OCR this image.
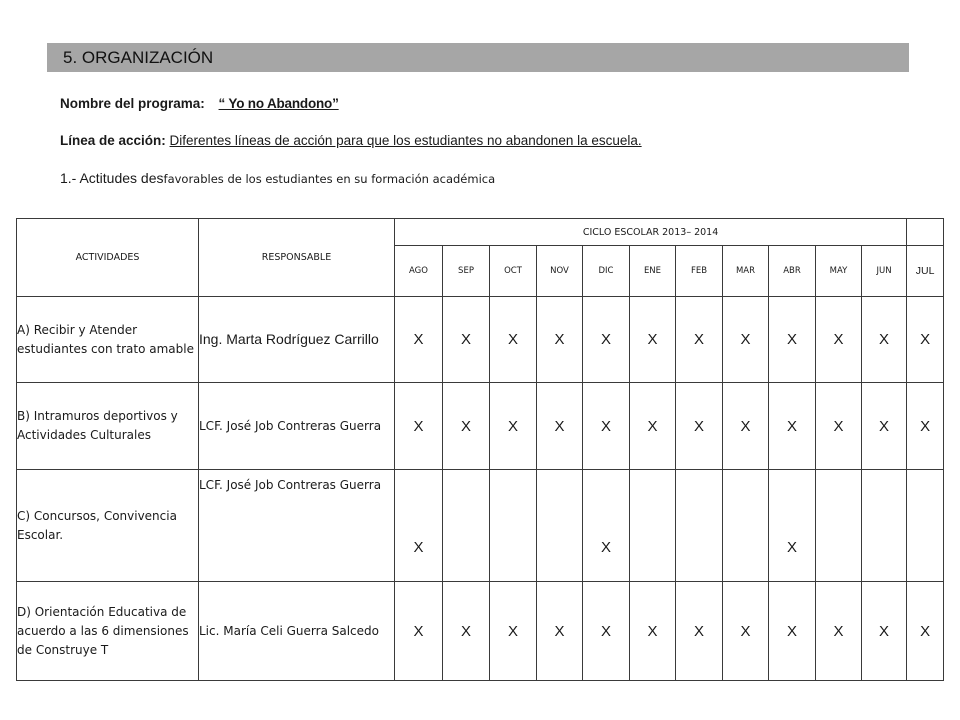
5. ORGANIZACIÓN
Nombre del programa: “ Yo no Abandono”
Línea de acción: Diferentes líneas de acción para que los estudiantes no abandonen la escuela.
1.- Actitudes desfavorables de los estudiantes en su formación académica
ACTIVIDADES	RESPONSABLE	CICLO ESCOLAR 2013– 2014											
		AGO	SEP	OCT	NOV	DIC	ENE	FEB	MAR	ABR	MAY	JUN	JUL
A) Recibir y Atender estudiantes con trato amable	Ing. Marta Rodríguez Carrillo	X	X	X	X	X	X	X	X	X	X	X	X
B) Intramuros deportivos y Actividades Culturales	LCF. José Job Contreras Guerra	X	X	X	X	X	X	X	X	X	X	X	X
C) Concursos, Convivencia Escolar.	LCF. José Job Contreras Guerra	X				X				X			
D) Orientación Educativa de acuerdo a las 6 dimensiones de Construye T	Lic. María Celi Guerra Salcedo	X	X	X	X	X	X	X	X	X	X	X	X
